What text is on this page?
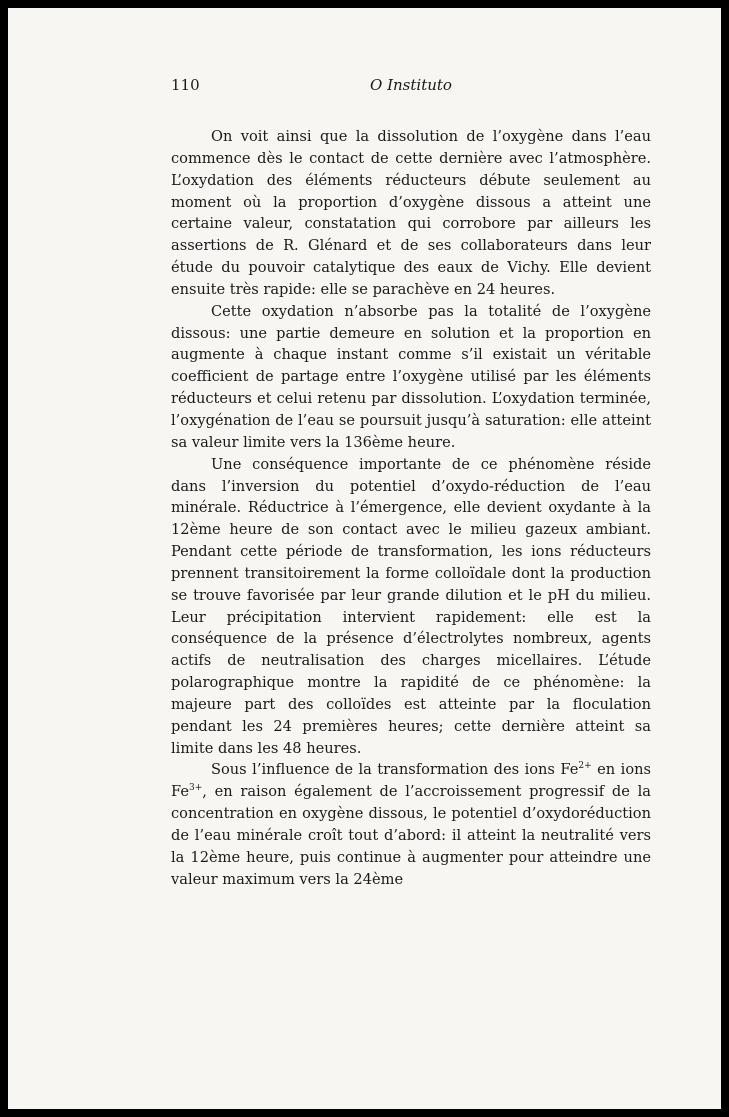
110	O Instituto

On voit ainsi que la dissolution de l’oxygène dans l’eau commence dès le contact de cette dernière avec l’atmosphère. L’oxydation des éléments réducteurs débute seulement au moment où la proportion d’oxygène dissous a atteint une certaine valeur, constatation qui corrobore par ailleurs les assertions de R. Glénard et de ses collaborateurs dans leur étude du pouvoir catalytique des eaux de Vichy. Elle devient ensuite très rapide: elle se parachève en 24 heures.

Cette oxydation n’absorbe pas la totalité de l’oxygène dissous: une partie demeure en solution et la proportion en augmente à chaque instant comme s’il existait un véritable coefficient de partage entre l’oxygène utilisé par les éléments réducteurs et celui retenu par dissolution. L’oxydation terminée, l’oxygénation de l’eau se poursuit jusqu’à saturation: elle atteint sa valeur limite vers la 136ème heure.

Une conséquence importante de ce phénomène réside dans l’inversion du potentiel d’oxydo-réduction de l’eau minérale. Réductrice à l’émergence, elle devient oxydante à la 12ème heure de son contact avec le milieu gazeux ambiant. Pendant cette période de transformation, les ions réducteurs prennent transitoirement la forme colloïdale dont la production se trouve favorisée par leur grande dilution et le pH du milieu. Leur précipitation intervient rapidement: elle est la conséquence de la présence d’électrolytes nombreux, agents actifs de neutralisation des charges micellaires. L’étude polarographique montre la rapidité de ce phénomène: la majeure part des colloïdes est atteinte par la floculation pendant les 24 premières heures; cette dernière atteint sa limite dans les 48 heures.

Sous l’influence de la transformation des ions $Fe^{2+}$ en ions $Fe^{3+}$, en raison également de l’accroissement progressif de la concentration en oxygène dissous, le potentiel d’oxydoréduction de l’eau minérale croît tout d’abord: il atteint la neutralité vers la 12ème heure, puis continue à augmenter pour atteindre une valeur maximum vers la 24ème
